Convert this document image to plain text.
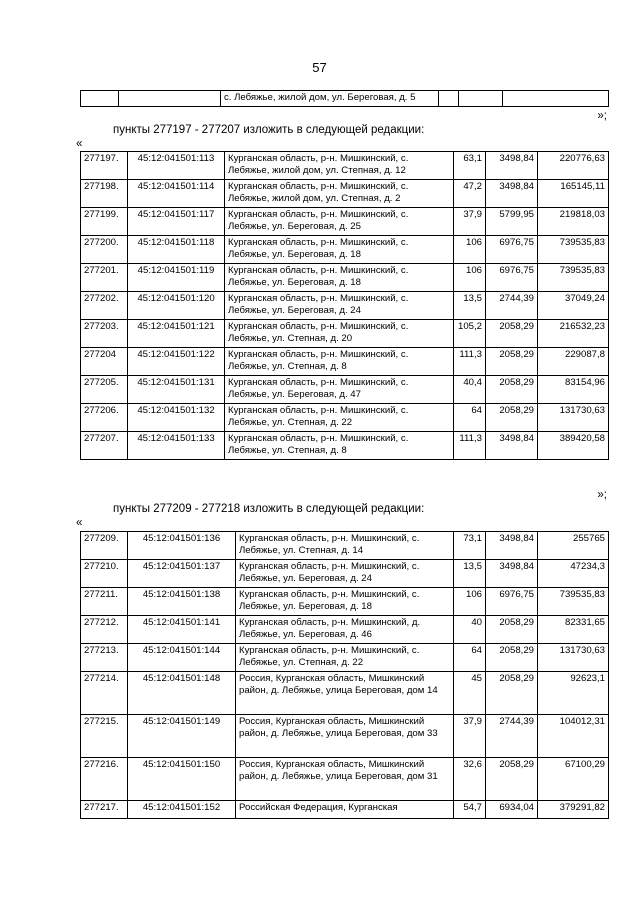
57
		с. Лебяжье, жилой дом, ул. Береговая, д. 5			
»;
пункты 277197 - 277207 изложить в следующей редакции:
«
277197.	45:12:041501:113	Курганская область, р-н. Мишкинский, с. Лебяжье, жилой дом, ул. Степная, д. 12	63,1	3498,84	220776,63
277198.	45:12:041501:114	Курганская область, р-н. Мишкинский, с. Лебяжье, жилой дом, ул. Степная, д. 2	47,2	3498,84	165145,11
277199.	45:12:041501:117	Курганская область, р-н. Мишкинский, с. Лебяжье, ул. Береговая, д. 25	37,9	5799,95	219818,03
277200.	45:12:041501:118	Курганская область, р-н. Мишкинский, с. Лебяжье, ул. Береговая, д. 18	106	6976,75	739535,83
277201.	45:12:041501:119	Курганская область, р-н. Мишкинский, с. Лебяжье, ул. Береговая, д. 18	106	6976,75	739535,83
277202.	45:12:041501:120	Курганская область, р-н. Мишкинский, с. Лебяжье, ул. Береговая, д. 24	13,5	2744,39	37049,24
277203.	45:12:041501:121	Курганская область, р-н. Мишкинский, с. Лебяжье, ул. Степная, д. 20	105,2	2058,29	216532,23
277204	45:12:041501:122	Курганская область, р-н. Мишкинский, с. Лебяжье, ул. Степная, д. 8	111,3	2058,29	229087,8
277205.	45:12:041501:131	Курганская область, р-н. Мишкинский, с. Лебяжье, ул. Береговая, д. 47	40,4	2058,29	83154,96
277206.	45:12:041501:132	Курганская область, р-н. Мишкинский, с. Лебяжье, ул. Степная, д. 22	64	2058,29	131730,63
277207.	45:12:041501:133	Курганская область, р-н. Мишкинский, с. Лебяжье, ул. Степная, д. 8	111,3	3498,84	389420,58
»;
пункты 277209 - 277218 изложить в следующей редакции:
«
277209.	45:12:041501:136	Курганская область, р-н. Мишкинский, с. Лебяжье, ул. Степная, д. 14	73,1	3498,84	255765
277210.	45:12:041501:137	Курганская область, р-н. Мишкинский, с. Лебяжье, ул. Береговая, д. 24	13,5	3498,84	47234,3
277211.	45:12:041501:138	Курганская область, р-н. Мишкинский, с. Лебяжье, ул. Береговая, д. 18	106	6976,75	739535,83
277212.	45:12:041501:141	Курганская область, р-н. Мишкинский, д. Лебяжье, ул. Береговая, д. 46	40	2058,29	82331,65
277213.	45:12:041501:144	Курганская область, р-н. Мишкинский, с. Лебяжье, ул. Степная, д. 22	64	2058,29	131730,63
277214.	45:12:041501:148	Россия, Курганская область, Мишкинский район, д. Лебяжье, улица Береговая, дом 14	45	2058,29	92623,1
277215.	45:12:041501:149	Россия, Курганская область, Мишкинский район, д. Лебяжье, улица Береговая, дом 33	37,9	2744,39	104012,31
277216.	45:12:041501:150	Россия, Курганская область, Мишкинский район, д. Лебяжье, улица Береговая, дом 31	32,6	2058,29	67100,29
277217.	45:12:041501:152	Российская Федерация, Курганская	54,7	6934,04	379291,82
